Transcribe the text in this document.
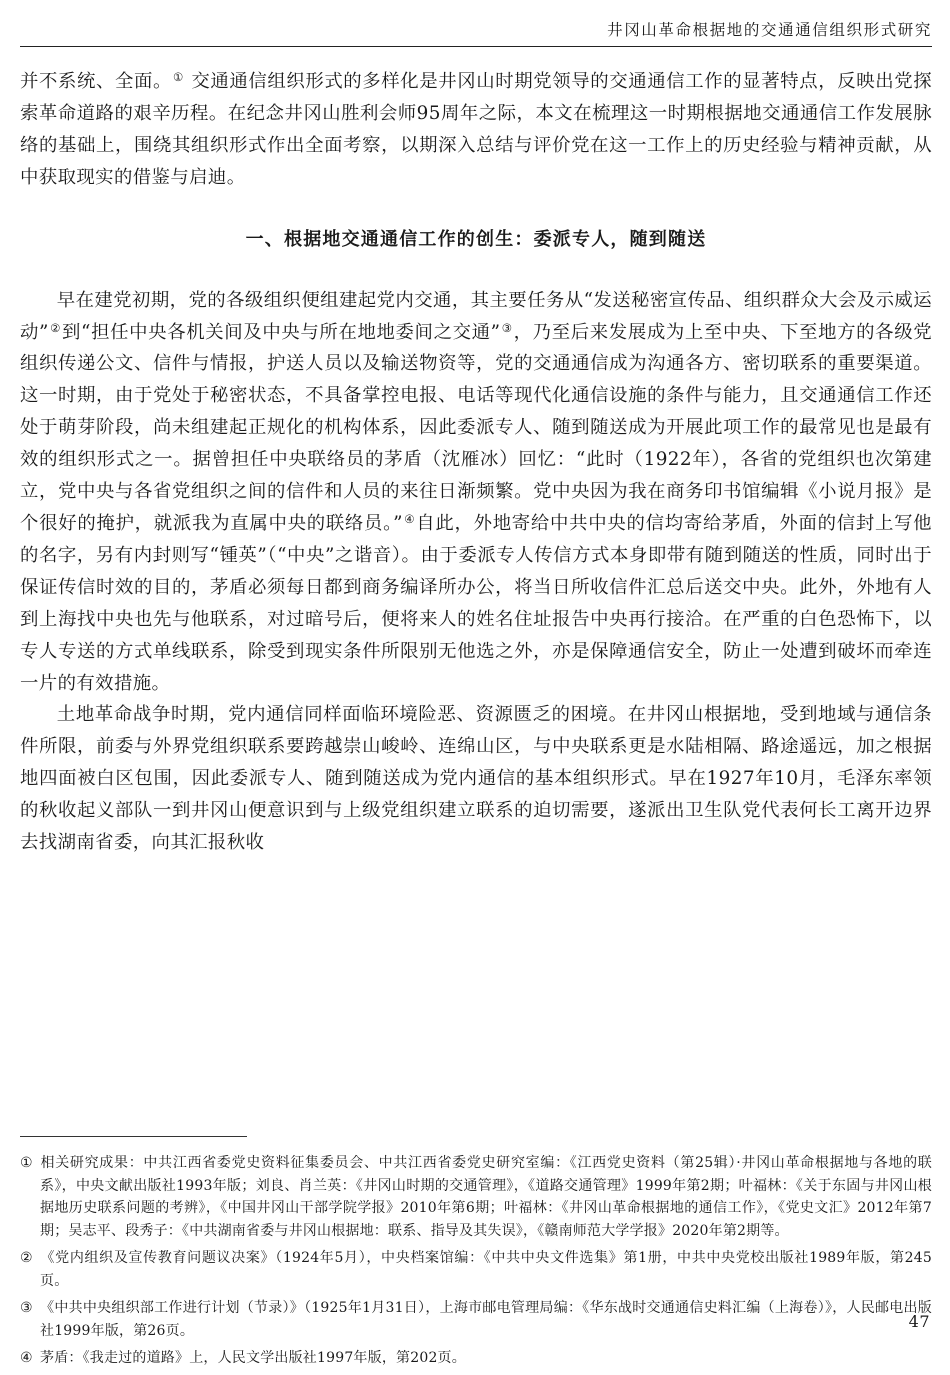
井冈山革命根据地的交通通信组织形式研究

并不系统、全面。① 交通通信组织形式的多样化是井冈山时期党领导的交通通信工作的显著特点，反映出党探索革命道路的艰辛历程。在纪念井冈山胜利会师95周年之际，本文在梳理这一时期根据地交通通信工作发展脉络的基础上，围绕其组织形式作出全面考察，以期深入总结与评价党在这一工作上的历史经验与精神贡献，从中获取现实的借鉴与启迪。

一、根据地交通通信工作的创生：委派专人，随到随送

早在建党初期，党的各级组织便组建起党内交通，其主要任务从“发送秘密宣传品、组织群众大会及示威运动”②到“担任中央各机关间及中央与所在地地委间之交通”③，乃至后来发展成为上至中央、下至地方的各级党组织传递公文、信件与情报，护送人员以及输送物资等，党的交通通信成为沟通各方、密切联系的重要渠道。这一时期，由于党处于秘密状态，不具备掌控电报、电话等现代化通信设施的条件与能力，且交通通信工作还处于萌芽阶段，尚未组建起正规化的机构体系，因此委派专人、随到随送成为开展此项工作的最常见也是最有效的组织形式之一。据曾担任中央联络员的茅盾（沈雁冰）回忆：“此时（1922年），各省的党组织也次第建立，党中央与各省党组织之间的信件和人员的来往日渐频繁。党中央因为我在商务印书馆编辑《小说月报》是个很好的掩护，就派我为直属中央的联络员。”④自此，外地寄给中共中央的信均寄给茅盾，外面的信封上写他的名字，另有内封则写“锺英”（“中央”之谐音）。由于委派专人传信方式本身即带有随到随送的性质，同时出于保证传信时效的目的，茅盾必须每日都到商务编译所办公，将当日所收信件汇总后送交中央。此外，外地有人到上海找中央也先与他联系，对过暗号后，便将来人的姓名住址报告中央再行接洽。在严重的白色恐怖下，以专人专送的方式单线联系，除受到现实条件所限别无他选之外，亦是保障通信安全，防止一处遭到破坏而牵连一片的有效措施。

土地革命战争时期，党内通信同样面临环境险恶、资源匮乏的困境。在井冈山根据地，受到地域与通信条件所限，前委与外界党组织联系要跨越崇山峻岭、连绵山区，与中央联系更是水陆相隔、路途遥远，加之根据地四面被白区包围，因此委派专人、随到随送成为党内通信的基本组织形式。早在1927年10月，毛泽东率领的秋收起义部队一到井冈山便意识到与上级党组织建立联系的迫切需要，遂派出卫生队党代表何长工离开边界去找湖南省委，向其汇报秋收

① 相关研究成果：中共江西省委党史资料征集委员会、中共江西省委党史研究室编：《江西党史资料（第25辑）·井冈山革命根据地与各地的联系》，中央文献出版社1993年版；刘良、肖兰英：《井冈山时期的交通管理》，《道路交通管理》1999年第2期；叶福林：《关于东固与井冈山根据地历史联系问题的考辨》，《中国井冈山干部学院学报》2010年第6期；叶福林：《井冈山革命根据地的通信工作》，《党史文汇》2012年第7期；吴志平、段秀子：《中共湖南省委与井冈山根据地：联系、指导及其失误》，《赣南师范大学学报》2020年第2期等。

② 《党内组织及宣传教育问题议决案》（1924年5月），中央档案馆编：《中共中央文件选集》第1册，中共中央党校出版社1989年版，第245页。

③ 《中共中央组织部工作进行计划（节录）》（1925年1月31日），上海市邮电管理局编：《华东战时交通通信史料汇编（上海卷）》，人民邮电出版社1999年版，第26页。

④ 茅盾：《我走过的道路》上，人民文学出版社1997年版，第202页。

47
